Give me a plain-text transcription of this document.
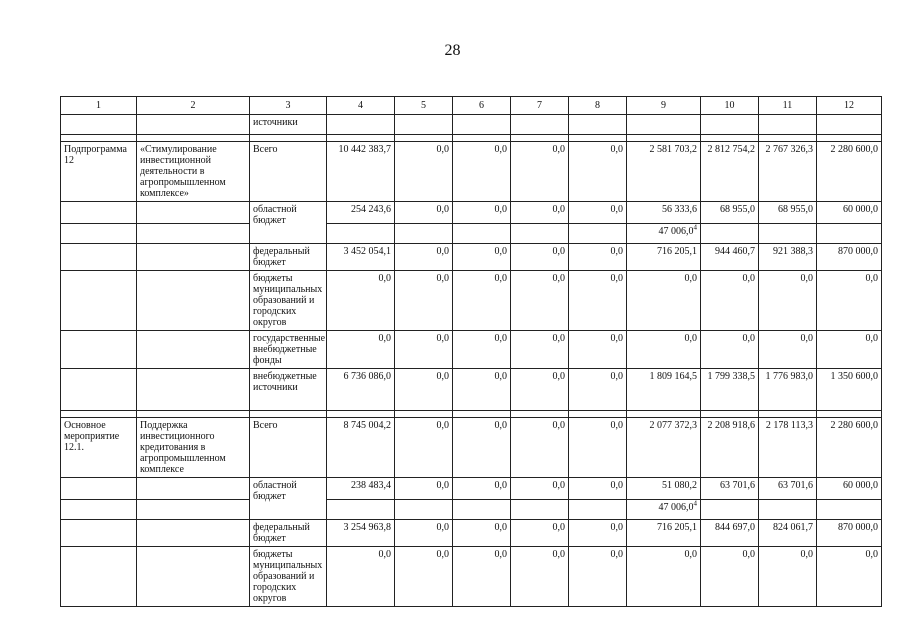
28
1	2	3	4	5	6	7	8	9	10	11	12
		источники									

Подпрограмма 12	«Стимулирование инвестиционной деятельности в агропромышленном комплексе»	Всего	10 442 383,7	0,0	0,0	0,0	0,0	2 581 703,2	2 812 754,2	2 767 326,3	2 280 600,0
		областной бюджет	254 243,6	0,0	0,0	0,0	0,0	56 333,6	68 955,0	68 955,0	60 000,0
								47 006,0$^4$			
		федеральный бюджет	3 452 054,1	0,0	0,0	0,0	0,0	716 205,1	944 460,7	921 388,3	870 000,0
		бюджеты муниципальных образований и городских округов	0,0	0,0	0,0	0,0	0,0	0,0	0,0	0,0	0,0
		государственные внебюджетные фонды	0,0	0,0	0,0	0,0	0,0	0,0	0,0	0,0	0,0
		внебюджетные источники	6 736 086,0	0,0	0,0	0,0	0,0	1 809 164,5	1 799 338,5	1 776 983,0	1 350 600,0

Основное мероприятие 12.1.	Поддержка инвестиционного кредитования в агропромышленном комплексе	Всего	8 745 004,2	0,0	0,0	0,0	0,0	2 077 372,3	2 208 918,6	2 178 113,3	2 280 600,0
		областной бюджет	238 483,4	0,0	0,0	0,0	0,0	51 080,2	63 701,6	63 701,6	60 000,0
								47 006,0$^4$			
		федеральный бюджет	3 254 963,8	0,0	0,0	0,0	0,0	716 205,1	844 697,0	824 061,7	870 000,0
		бюджеты муниципальных образований и городских округов	0,0	0,0	0,0	0,0	0,0	0,0	0,0	0,0	0,0
